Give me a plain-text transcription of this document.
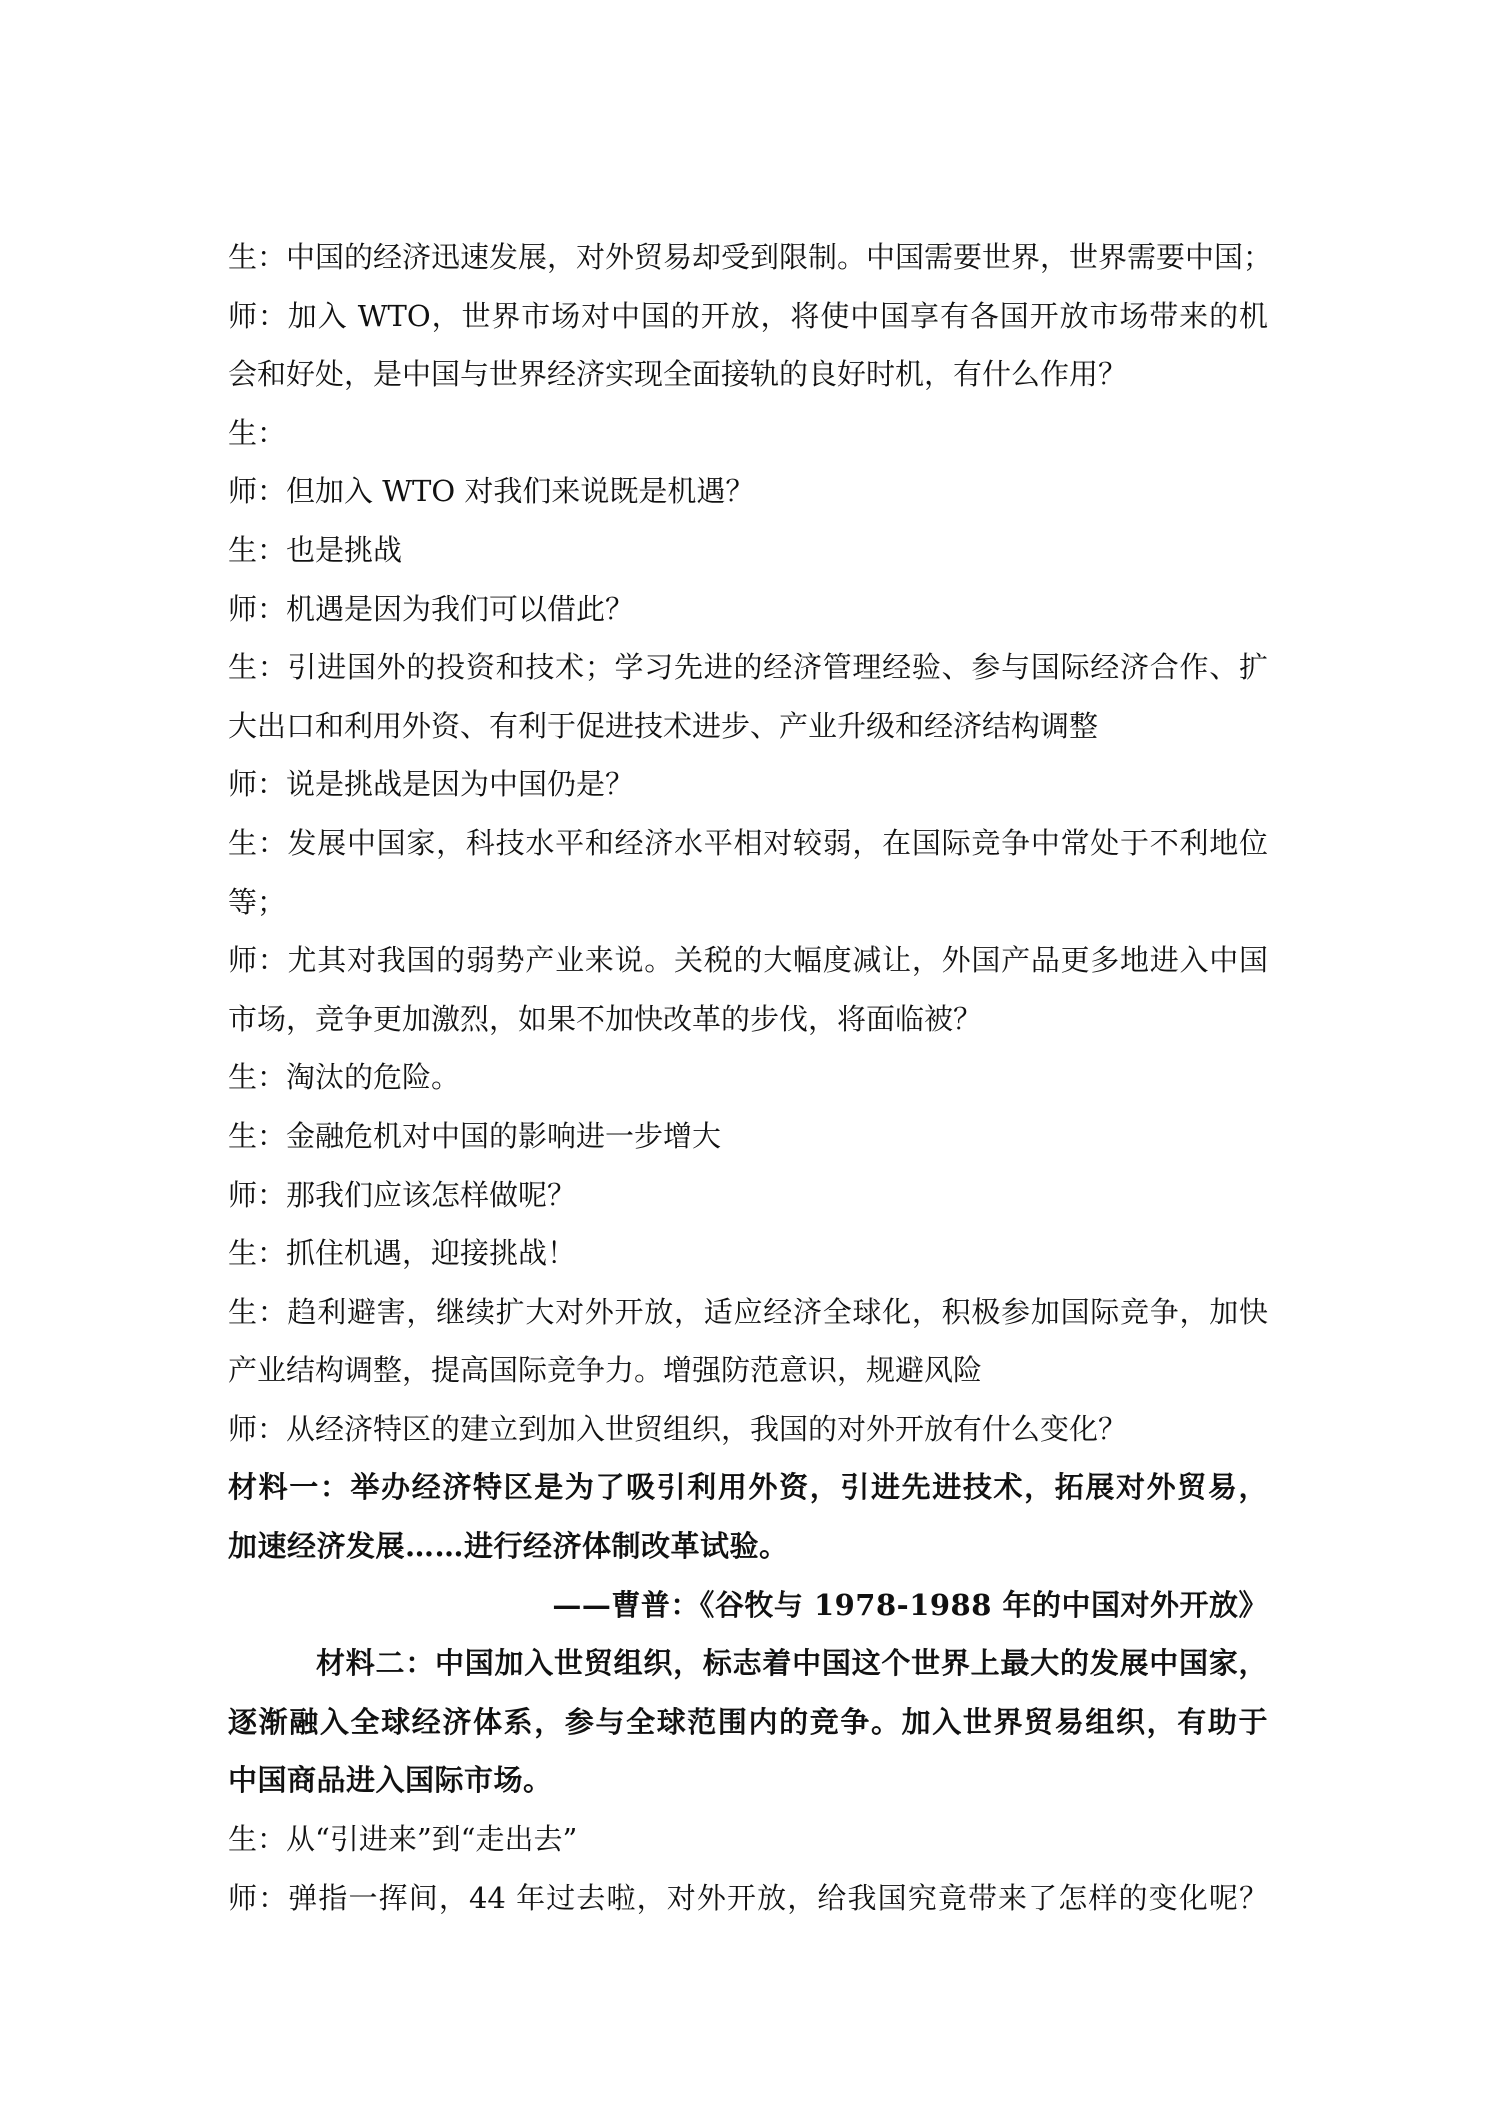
生：中国的经济迅速发展，对外贸易却受到限制。中国需要世界，世界需要中国；
师：加入 WTO，世界市场对中国的开放，将使中国享有各国开放市场带来的机
会和好处，是中国与世界经济实现全面接轨的良好时机，有什么作用？
生：
师：但加入 WTO 对我们来说既是机遇？
生：也是挑战
师：机遇是因为我们可以借此？
生：引进国外的投资和技术；学习先进的经济管理经验、参与国际经济合作、扩
大出口和利用外资、有利于促进技术进步、产业升级和经济结构调整
师：说是挑战是因为中国仍是？
生：发展中国家，科技水平和经济水平相对较弱，在国际竞争中常处于不利地位
等；
师：尤其对我国的弱势产业来说。关税的大幅度减让，外国产品更多地进入中国
市场，竞争更加激烈，如果不加快改革的步伐，将面临被？
生：淘汰的危险。
生：金融危机对中国的影响进一步增大
师：那我们应该怎样做呢？
生：抓住机遇，迎接挑战！
生：趋利避害，继续扩大对外开放，适应经济全球化，积极参加国际竞争，加快
产业结构调整，提高国际竞争力。增强防范意识，规避风险
师：从经济特区的建立到加入世贸组织，我国的对外开放有什么变化？
材料一：举办经济特区是为了吸引利用外资，引进先进技术，拓展对外贸易，
加速经济发展……进行经济体制改革试验。
——曹普：《谷牧与 1978-1988 年的中国对外开放》
材料二：中国加入世贸组织，标志着中国这个世界上最大的发展中国家，
逐渐融入全球经济体系，参与全球范围内的竞争。加入世界贸易组织，有助于
中国商品进入国际市场。
生：从“引进来”到“走出去”
师：弹指一挥间，44 年过去啦，对外开放，给我国究竟带来了怎样的变化呢？
